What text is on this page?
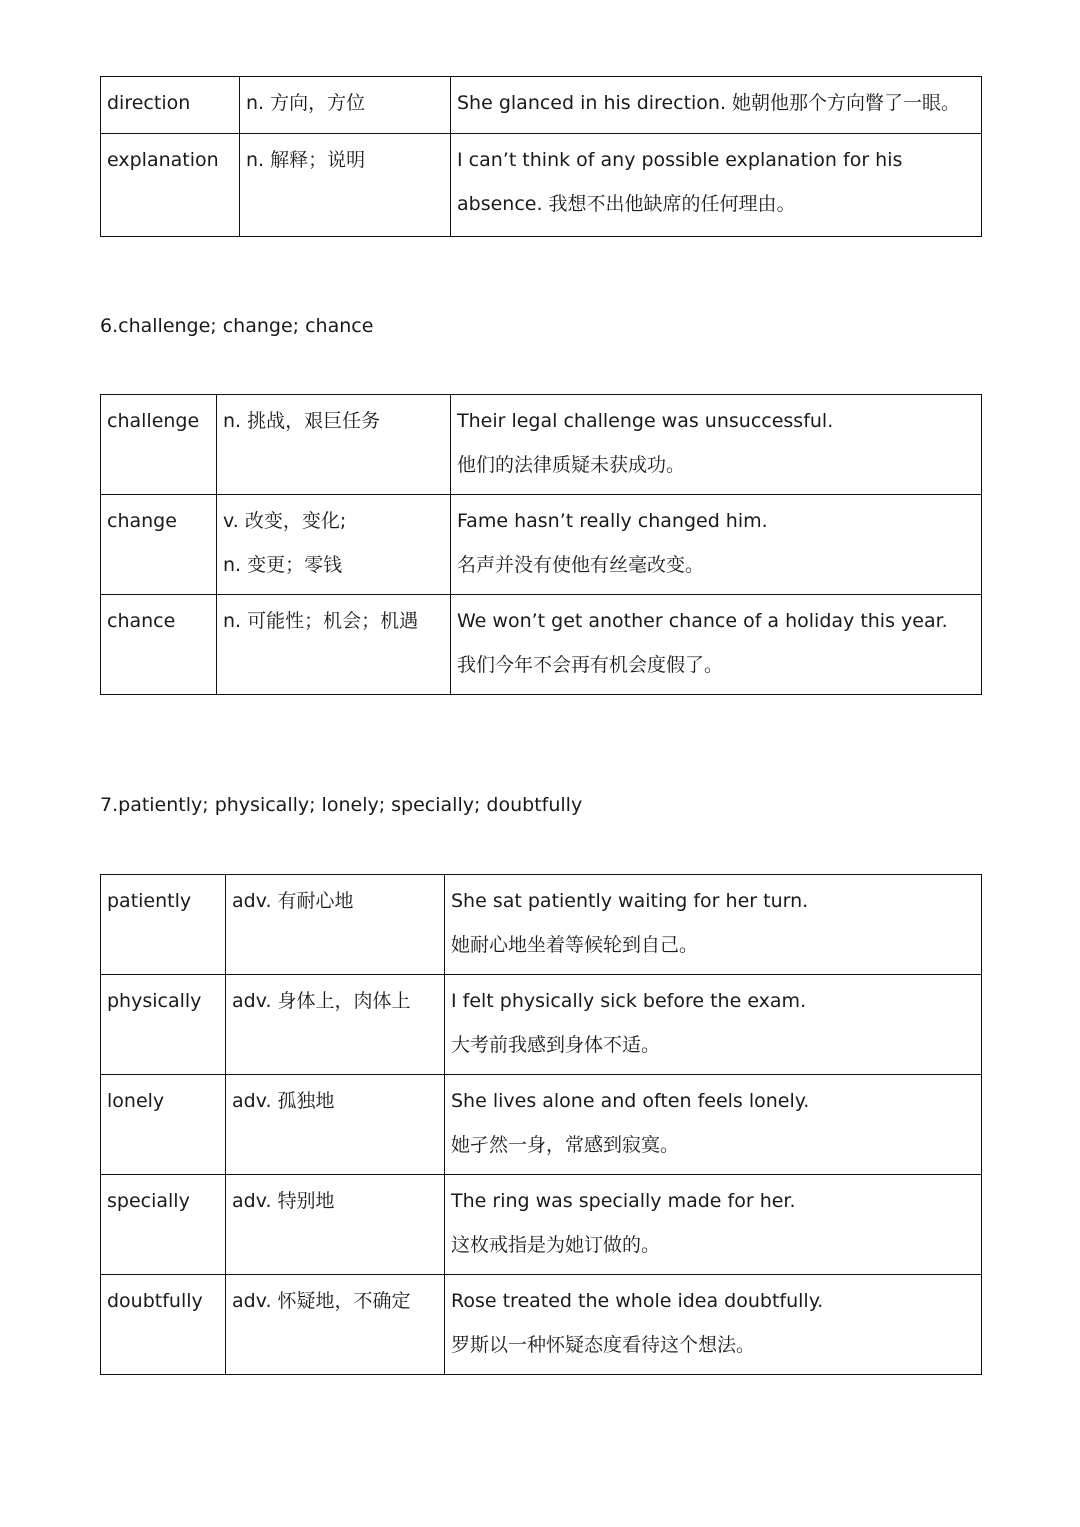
direction	n. 方向，方位	She glanced in his direction. 她朝他那个方向瞥了一眼。

explanation	n. 解释；说明	I can’t think of any possible explanation for his
absence. 我想不出他缺席的任何理由。
6.challenge; change; chance
challenge	n. 挑战，艰巨任务	Their legal challenge was unsuccessful.
他们的法律质疑未获成功。

change	v. 改变，变化;
n. 变更；零钱	Fame hasn’t really changed him.
名声并没有使他有丝毫改变。

chance	n. 可能性；机会；机遇	We won’t get another chance of a holiday this year.
我们今年不会再有机会度假了。
7.patiently; physically; lonely; specially; doubtfully
patiently	adv. 有耐心地	She sat patiently waiting for her turn.
她耐心地坐着等候轮到自己。

physically	adv. 身体上，肉体上	I felt physically sick before the exam.
大考前我感到身体不适。

lonely	adv. 孤独地	She lives alone and often feels lonely.
她孑然一身，常感到寂寞。

specially	adv. 特别地	The ring was specially made for her.
这枚戒指是为她订做的。

doubtfully	adv. 怀疑地，不确定	Rose treated the whole idea doubtfully.
罗斯以一种怀疑态度看待这个想法。
